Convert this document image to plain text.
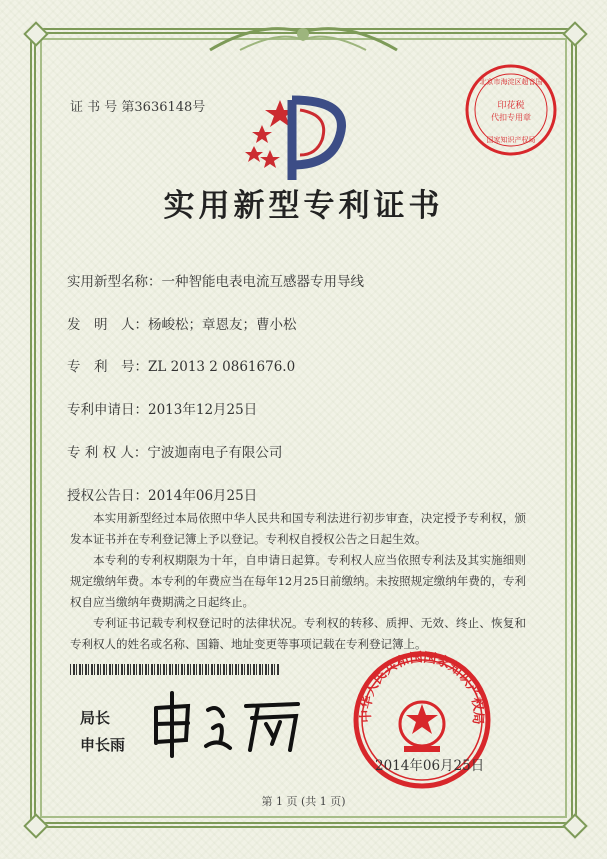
证 书 号 第3636148号
北京市海淀区超音国
印花税
代扣专用章
国家知识产权局
实用新型专利证书
实用新型名称：一种智能电表电流互感器专用导线
发　明　人：杨峻松；章恩友；曹小松
专　利　号：ZL 2013 2 0861676.0
专利申请日：2013年12月25日
专 利 权 人：宁波迦南电子有限公司
授权公告日：2014年06月25日

本实用新型经过本局依照中华人民共和国专利法进行初步审查，决定授予专利权，颁发本证书并在专利登记簿上予以登记。专利权自授权公告之日起生效。

本专利的专利权期限为十年，自申请日起算。专利权人应当依照专利法及其实施细则规定缴纳年费。本专利的年费应当在每年12月25日前缴纳。未按照规定缴纳年费的，专利权自应当缴纳年费期满之日起终止。

专利证书记载专利权登记时的法律状况。专利权的转移、质押、无效、终止、恢复和专利权人的姓名或名称、国籍、地址变更等事项记载在专利登记簿上。

局长
申长雨
中华人民共和国国家知识产权局
2014年06月25日
第 1 页 (共 1 页)
